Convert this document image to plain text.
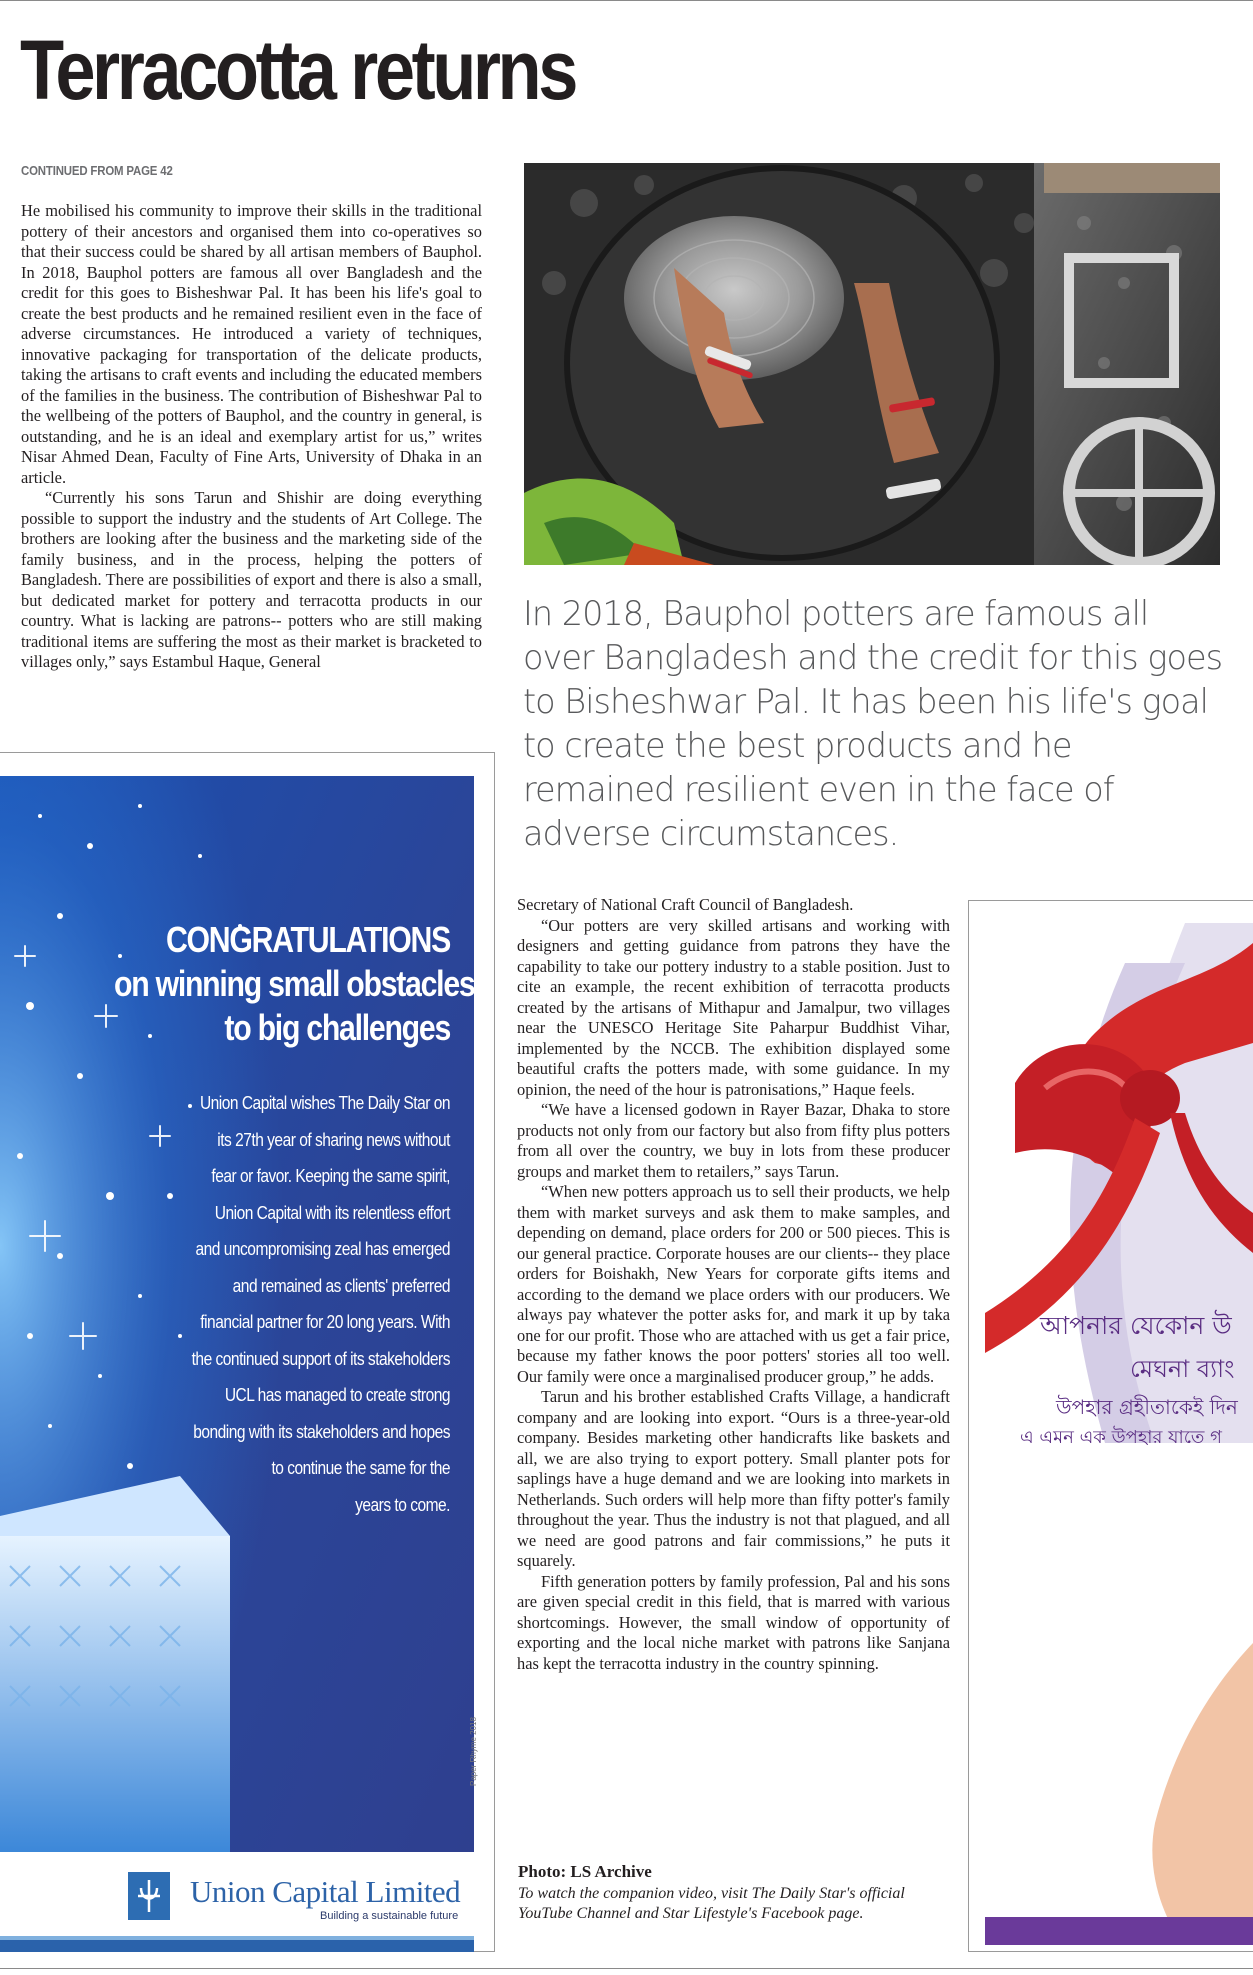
Terracotta returns
CONTINUED FROM PAGE 42

He mobilised his community to improve their skills in the traditional pottery of their ancestors and organised them into co-operatives so that their success could be shared by all artisan members of Bauphol. In 2018, Bauphol potters are famous all over Bangladesh and the credit for this goes to Bisheshwar Pal. It has been his life's goal to create the best products and he remained resilient even in the face of adverse circumstances. He introduced a variety of techniques, innovative packaging for transportation of the delicate products, taking the artisans to craft events and including the educated members of the families in the business. The contribution of Bisheshwar Pal to the wellbeing of the potters of Bauphol, and the country in general, is outstanding, and he is an ideal and exemplary artist for us,” writes Nisar Ahmed Dean, Faculty of Fine Arts, University of Dhaka in an article.

“Currently his sons Tarun and Shishir are doing everything possible to support the industry and the students of Art College. The brothers are looking after the business and the marketing side of the family business, and in the process, helping the potters of Bangladesh. There are possibilities of export and there is also a small, but dedicated market for pottery and terracotta products in our country. What is lacking are patrons-- potters who are still making traditional items are suffering the most as their market is bracketed to villages only,” says Estambul Haque, General

In 2018, Bauphol potters are famous all over Bangladesh and the credit for this goes to Bisheshwar Pal. It has been his life's goal to create the best products and he remained resilient even in the face of adverse circumstances.
CONGRATULATIONS
on winning small obstacles
to big challenges
Union Capital wishes The Daily Star on
its 27th year of sharing news without
fear or favor. Keeping the same spirit,
Union Capital with its relentless effort
and uncompromising zeal has emerged
and remained as clients' preferred
financial partner for 20 long years. With
the continued support of its stakeholders
UCL has managed to create strong
bonding with its stakeholders and hopes
to continue the same for the
years to come.
Union Capital Limited
Building a sustainable future
Paper Rhyme 2018

Secretary of National Craft Council of Bangladesh.

“Our potters are very skilled artisans and working with designers and getting guidance from patrons they have the capability to take our pottery industry to a stable position. Just to cite an example, the recent exhibition of terracotta products created by the artisans of Mithapur and Jamalpur, two villages near the UNESCO Heritage Site Paharpur Buddhist Vihar, implemented by the NCCB. The exhibition displayed some beautiful crafts the potters made, with some guidance. In my opinion, the need of the hour is patronisations,” Haque feels.

“We have a licensed godown in Rayer Bazar, Dhaka to store products not only from our factory but also from fifty plus potters from all over the country, we buy in lots from these producer groups and market them to retailers,” says Tarun.

“When new potters approach us to sell their products, we help them with market surveys and ask them to make samples, and depending on demand, place orders for 200 or 500 pieces. This is our general practice. Corporate houses are our clients-- they place orders for Boishakh, New Years for corporate gifts items and according to the demand we place orders with our producers. We always pay whatever the potter asks for, and mark it up by taka one for our profit. Those who are attached with us get a fair price, because my father knows the poor potters' stories all too well. Our family were once a marginalised producer group,” he adds.

Tarun and his brother established Crafts Village, a handicraft company and are looking into export. “Ours is a three-year-old company. Besides marketing other handicrafts like baskets and all, we are also trying to export pottery. Small planter pots for saplings have a huge demand and we are looking into markets in Netherlands. Such orders will help more than fifty potter's family throughout the year. Thus the industry is not that plagued, and all we need are good patrons and fair commissions,” he puts it squarely.

Fifth generation potters by family profession, Pal and his sons are given special credit in this field, that is marred with various shortcomings. However, the small window of opportunity of exporting and the local niche market with patrons like Sanjana has kept the terracotta industry in the country spinning.

Photo: LS Archive
To watch the companion video, visit The Daily Star's official YouTube Channel and Star Lifestyle's Facebook page.
আপনার যেকোন উ
মেঘনা ব্যাং
উপহার গ্রহীতাকেই দিন
এ এমন এক উপহার যাতে গ
